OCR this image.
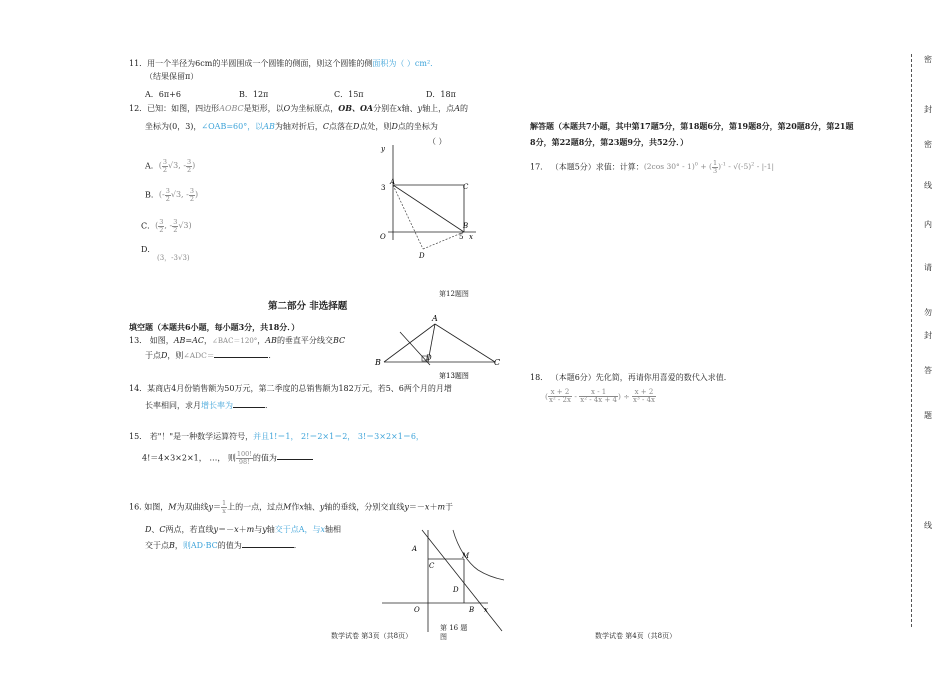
11．用一个半径为6cm的半圆围成一个圆锥的侧面，则这个圆锥的侧面积为（ ）cm²．
（结果保留π）
A．6π+6	B．12π	C．15π	D．18π
12．已知：如图，四边形AOBC是矩形，以O为坐标原点，OB、OA分别在x轴、y轴上，点A的
坐标为(0，3)，∠OAB=60°，以AB为轴对折后，C点落在D点处，则D点的坐标为
（ ）
A．( $\frac{3}{2} √3$, - $\frac{3}{2}$ )
B．(- $\frac{3}{2} √3$, - $\frac{3}{2}$ )
C．( $\frac{3}{2}$ , - $\frac{3}{2} √3$)
D．
(3，-3√3)
y
3
A
C
B
O	5 x
D
第12题图
第二部分 非选择题
填空题（本题共6小题，每小题3分，共18分．）
13． 如图，AB=AC，∠BAC＝120°，AB的垂直平分线交BC
于点D，则∠ADC＝	．
A
B	C
D
第13题图
14．某商店4月份销售额为50万元，第二季度的总销售额为182万元，若5、6两个月的月增
长率相同，求月增长率为	．
15． 若"！"是一种数学运算符号，并且1!＝1， 2!＝2×1＝2， 3!＝3×2×1＝6，
4!＝4×3×2×1， …， 则 $\frac{100!}{98!}$ 的值为
16. 如图，M为双曲线$y= \frac{1}{x}$ 上的一点，过点M作x轴、y轴的垂线，分别交直线y＝－x＋m于
D、C两点，若直线y＝－x＋m与y轴交于点A，与x轴相
交于点B，则AD·BC的值为	．	A
M
C
D
O	B x
第 16 题
图
数学试卷 第3页（共8页）	数学试卷 第4页（共8页）
解答题（本题共7小题，其中第17题5分，第18题6分，第19题8分，第20题8分，第21题
8分，第22题8分，第23题9分，共52分．）
17． （本题5分）求值：计算：(2cos 30° - 1)$^0$ + ( $\frac{1}{3} )^{-1} - √(-5)^2 - |-1|$
18． （本题6分）先化简，再请你用喜爱的数代入求值．
( $\frac{x + 2}{\text{x² - 2x}} - \frac{x - 1}{\text{x² - 4x + 4}}$ ) ÷ $\frac{x + 2}{\text{x³ - 4x}}$
密
封
密
线
内
请
勿
封
答
题
线
